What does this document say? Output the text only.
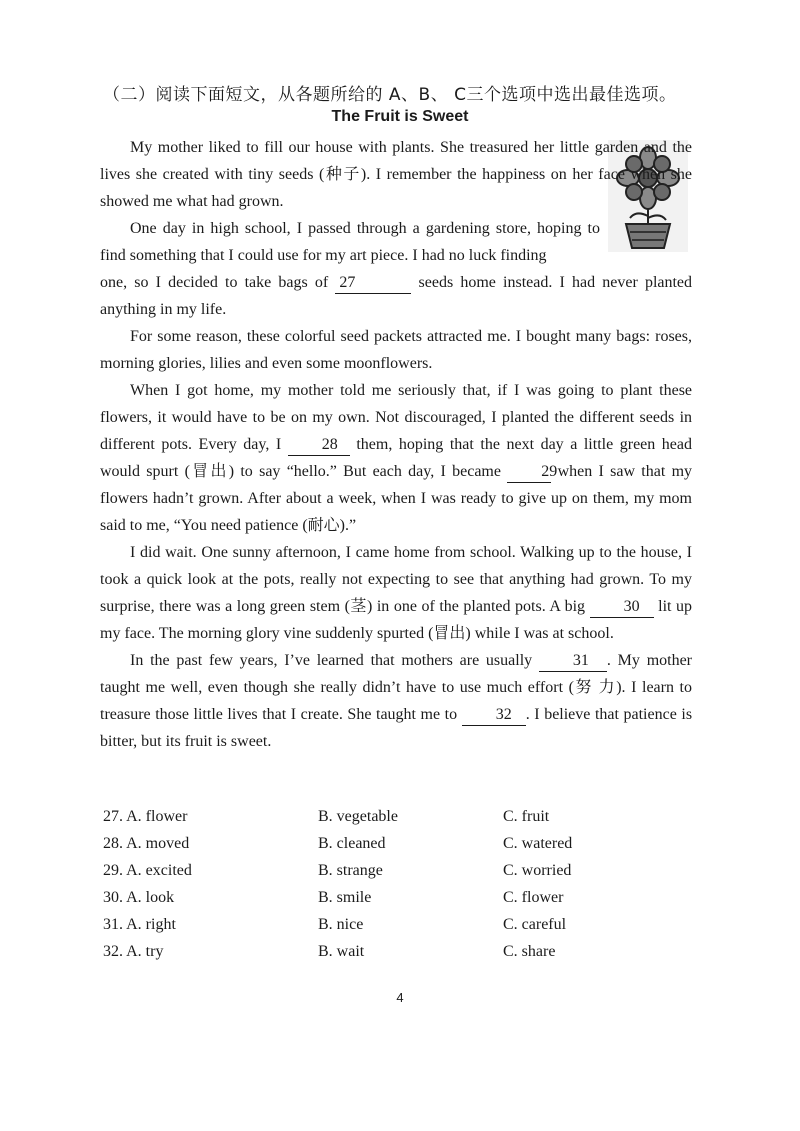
（二）阅读下面短文，从各题所给的 A、B、 C三个选项中选出最佳选项。
The Fruit is Sweet

My mother liked to fill our house with plants. She treasured her little garden and the lives she created with tiny seeds (种子). I remember the happiness on her face when she showed me what had grown.

One day in high school, I passed through a gardening store, hoping to find something that I could use for my art piece. I had no luck finding

one, so I decided to take bags of 27	seeds home instead. I had never planted anything in my life.

For some reason, these colorful seed packets attracted me. I bought many bags: roses, morning glories, lilies and even some moonflowers.

When I got home, my mother told me seriously that, if I was going to plant these flowers, it would have to be on my own. Not discouraged, I planted the different seeds in different pots. Every day, I	28 them, hoping that the next day a little green head would spurt (冒出) to say “hello.” But each day, I became	29 when I saw that my flowers hadn’t grown. After about a week, when I was ready to give up on them, my mom said to me, “You need patience (耐心).”

I did wait. One sunny afternoon, I came home from school. Walking up to the house, I took a quick look at the pots, really not expecting to see that anything had grown. To my surprise, there was a long green stem (茎) in one of the planted pots. A big 30 lit up my face. The morning glory vine suddenly spurted (冒出) while I was at school.

In the past few years, I’ve learned that mothers are usually	31 . My mother taught me well, even though she really didn’t have to use much effort (努 力). I learn to treasure those little lives that I create. She taught me to 32 . I believe that patience is bitter, but its fruit is sweet.

27. A. flower	B. vegetable	C. fruit
28. A. moved	B. cleaned	C. watered
29. A. excited	B. strange	C. worried
30. A. look	B. smile	C. flower
31. A. right	B. nice	C. careful
32. A. try	B. wait	C. share
4
